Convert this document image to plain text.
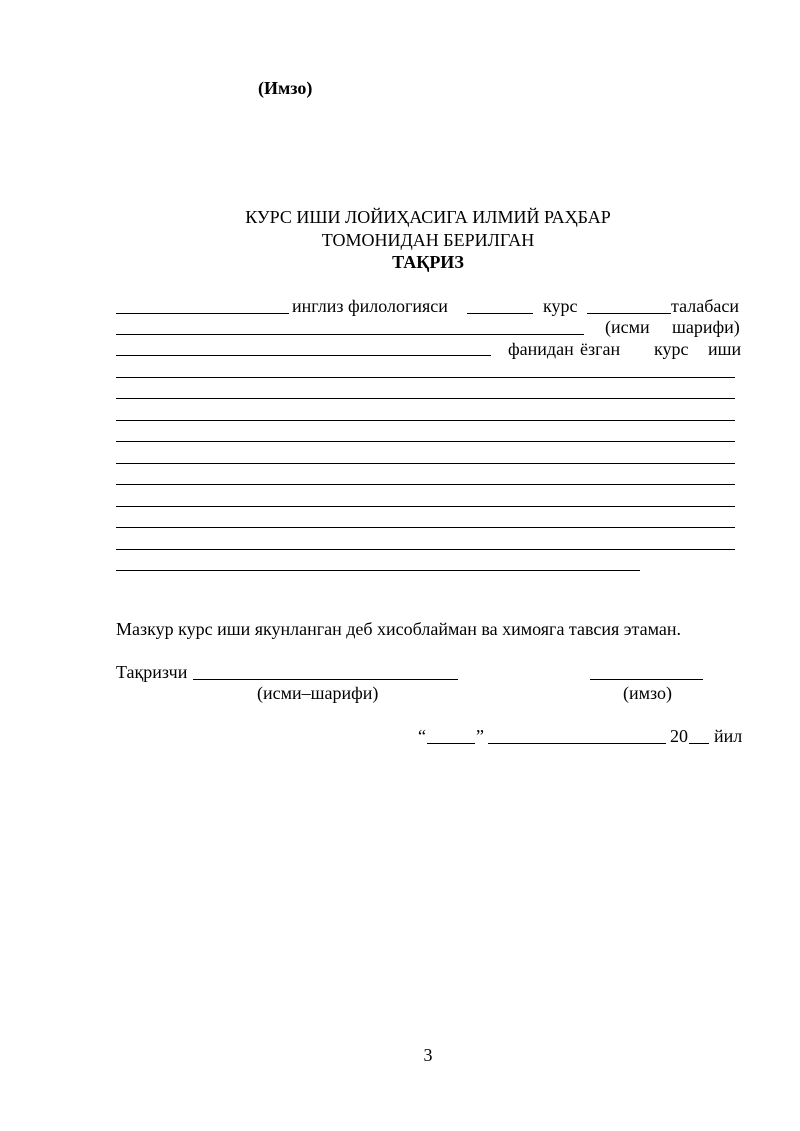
(Имзо)
КУРС ИШИ ЛОЙИҲАСИГА ИЛМИЙ РАҲБАР
ТОМОНИДАН БЕРИЛГАН
ТАҚРИЗ
инглиз филологияси	курс	талабаси
(исми шарифи)
фанидан ёзган курс иши
Мазкур курс иши якунланган деб хисоблайман ва химояга тавсия этаман.
Тақризчи
(исми–шарифи)	(имзо)
“	”	20 йил
3
